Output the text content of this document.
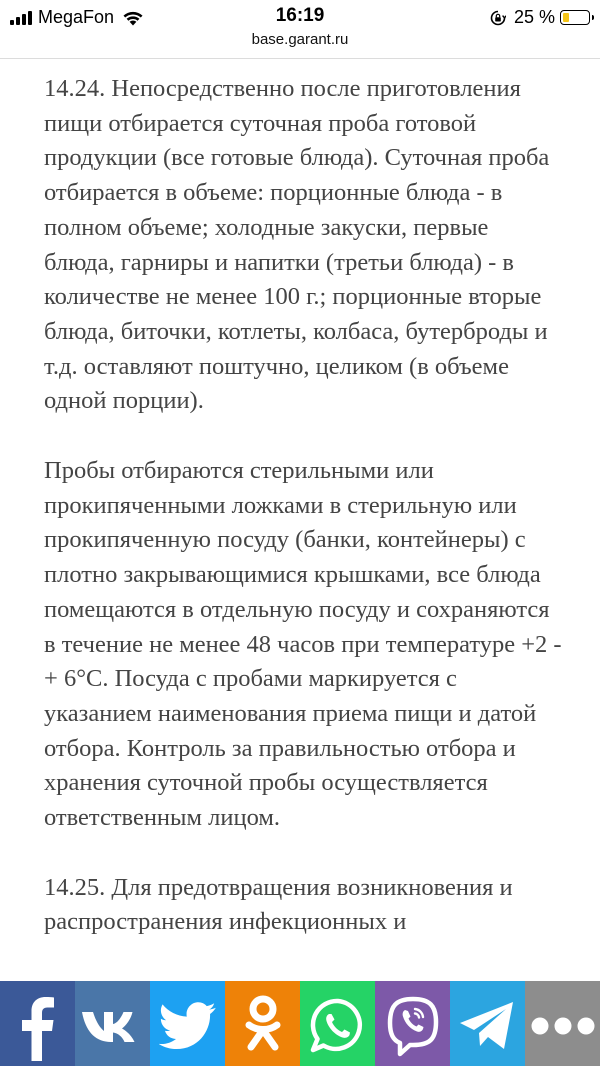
MegaFon	16:19
base.garant.ru
25 %

14.24. Непосредственно после приготовления пищи отбирается суточная проба готовой продукции (все готовые блюда). Суточная проба отбирается в объеме: порционные блюда - в полном объеме; холодные закуски, первые блюда, гарниры и напитки (третьи блюда) - в количестве не менее 100 г.; порционные вторые блюда, биточки, котлеты, колбаса, бутерброды и т.д. оставляют поштучно, целиком (в объеме одной порции).

Пробы отбираются стерильными или прокипяченными ложками в стерильную или прокипяченную посуду (банки, контейнеры) с плотно закрывающимися крышками, все блюда помещаются в отдельную посуду и сохраняются в течение не менее 48 часов при температуре +2 -+ 6°С. Посуда с пробами маркируется с указанием наименования приема пищи и датой отбора. Контроль за правильностью отбора и хранения суточной пробы осуществляется ответственным лицом.

14.25. Для предотвращения возникновения и распространения инфекционных и
